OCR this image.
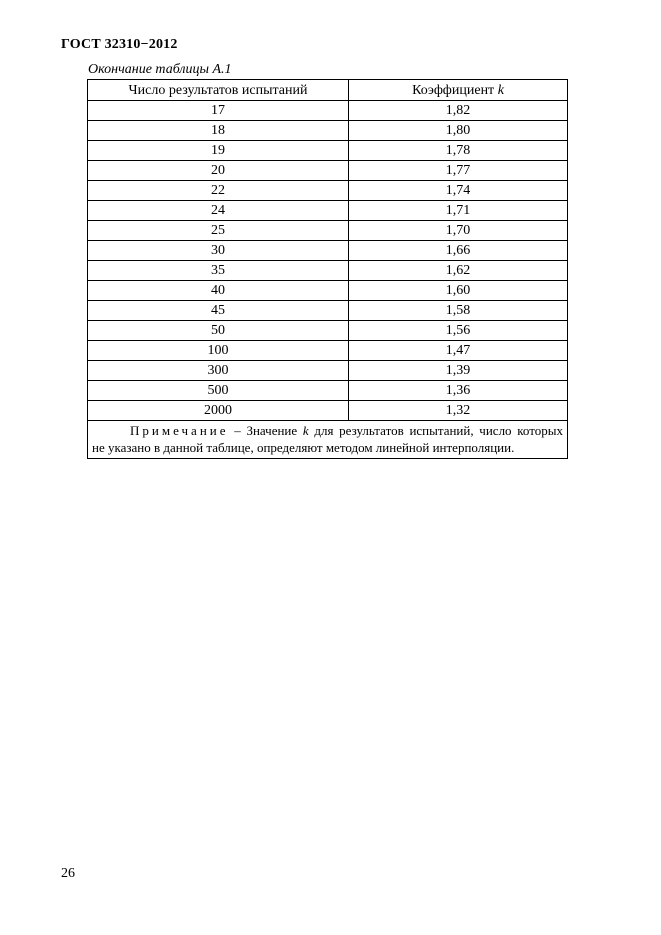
ГОСТ 32310−2012
Окончание таблицы А.1
Число результатов испытаний	Коэффициент k
17	1,82
18	1,80
19	1,78
20	1,77
22	1,74
24	1,71
25	1,70
30	1,66
35	1,62
40	1,60
45	1,58
50	1,56
100	1,47
300	1,39
500	1,36
2000	1,32

Примечание – Значение k для результатов испытаний, число которых
не указано в данной таблице, определяют методом линейной интерполяции.	
26
